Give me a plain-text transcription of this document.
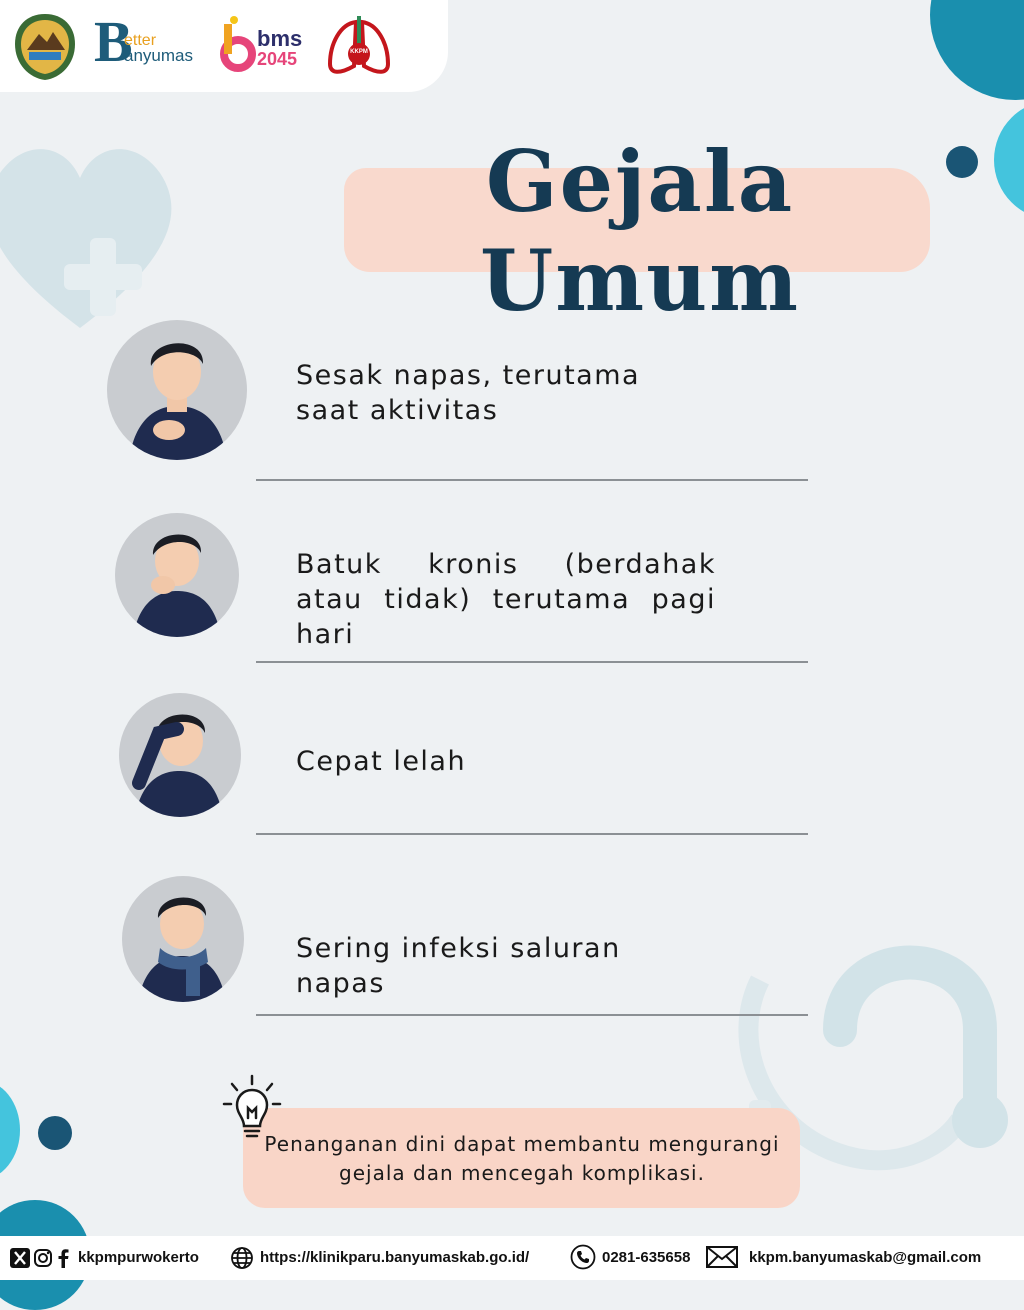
B
etter
anyumas
bms
2045	KKPM
Gejala Umum
Sesak napas, terutama saat aktivitas
Batuk kronis (berdahak atau tidak) terutama pagi hari
Cepat lelah
Sering infeksi saluran napas
Penanganan dini dapat membantu mengurangi gejala dan mencegah komplikasi.
kkpmpurwokerto	https://klinikparu.banyumaskab.go.id/	0281-635658	kkpm.banyumaskab@gmail.com
